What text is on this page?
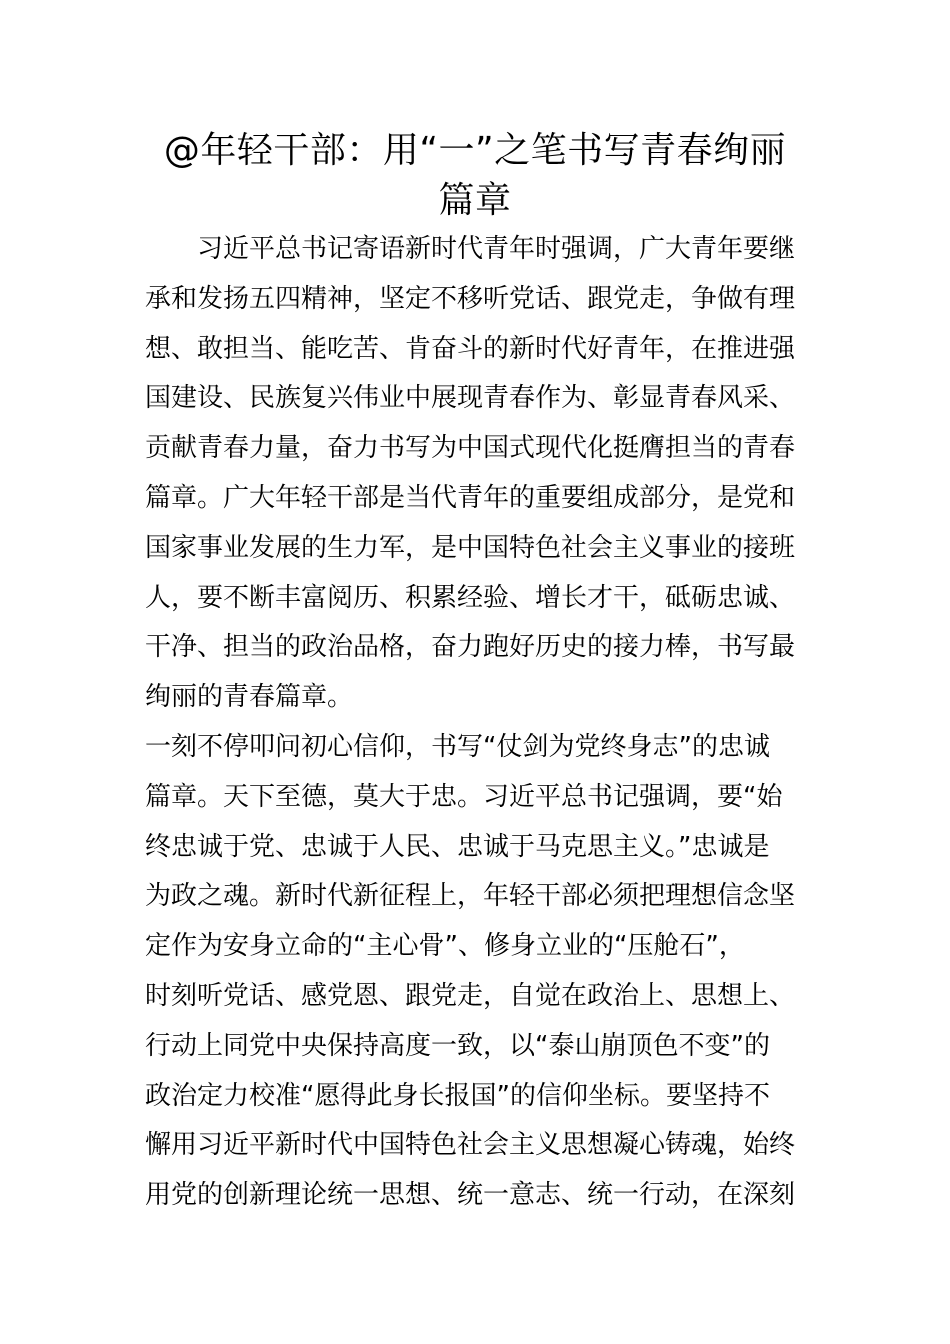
@年轻干部：用“一”之笔书写青春绚丽
篇章
　　习近平总书记寄语新时代青年时强调，广大青年要继
承和发扬五四精神，坚定不移听党话、跟党走，争做有理
想、敢担当、能吃苦、肯奋斗的新时代好青年，在推进强
国建设、民族复兴伟业中展现青春作为、彰显青春风采、
贡献青春力量，奋力书写为中国式现代化挺膺担当的青春
篇章。广大年轻干部是当代青年的重要组成部分，是党和
国家事业发展的生力军，是中国特色社会主义事业的接班
人，要不断丰富阅历、积累经验、增长才干，砥砺忠诚、
干净、担当的政治品格，奋力跑好历史的接力棒，书写最
绚丽的青春篇章。
一刻不停叩问初心信仰，书写“仗剑为党终身志”的忠诚
篇章。天下至德，莫大于忠。习近平总书记强调，要“始
终忠诚于党、忠诚于人民、忠诚于马克思主义。”忠诚是
为政之魂。新时代新征程上，年轻干部必须把理想信念坚
定作为安身立命的“主心骨”、修身立业的“压舱石”，
时刻听党话、感党恩、跟党走，自觉在政治上、思想上、
行动上同党中央保持高度一致，以“泰山崩顶色不变”的
政治定力校准“愿得此身长报国”的信仰坐标。要坚持不
懈用习近平新时代中国特色社会主义思想凝心铸魂，始终
用党的创新理论统一思想、统一意志、统一行动，在深刻
